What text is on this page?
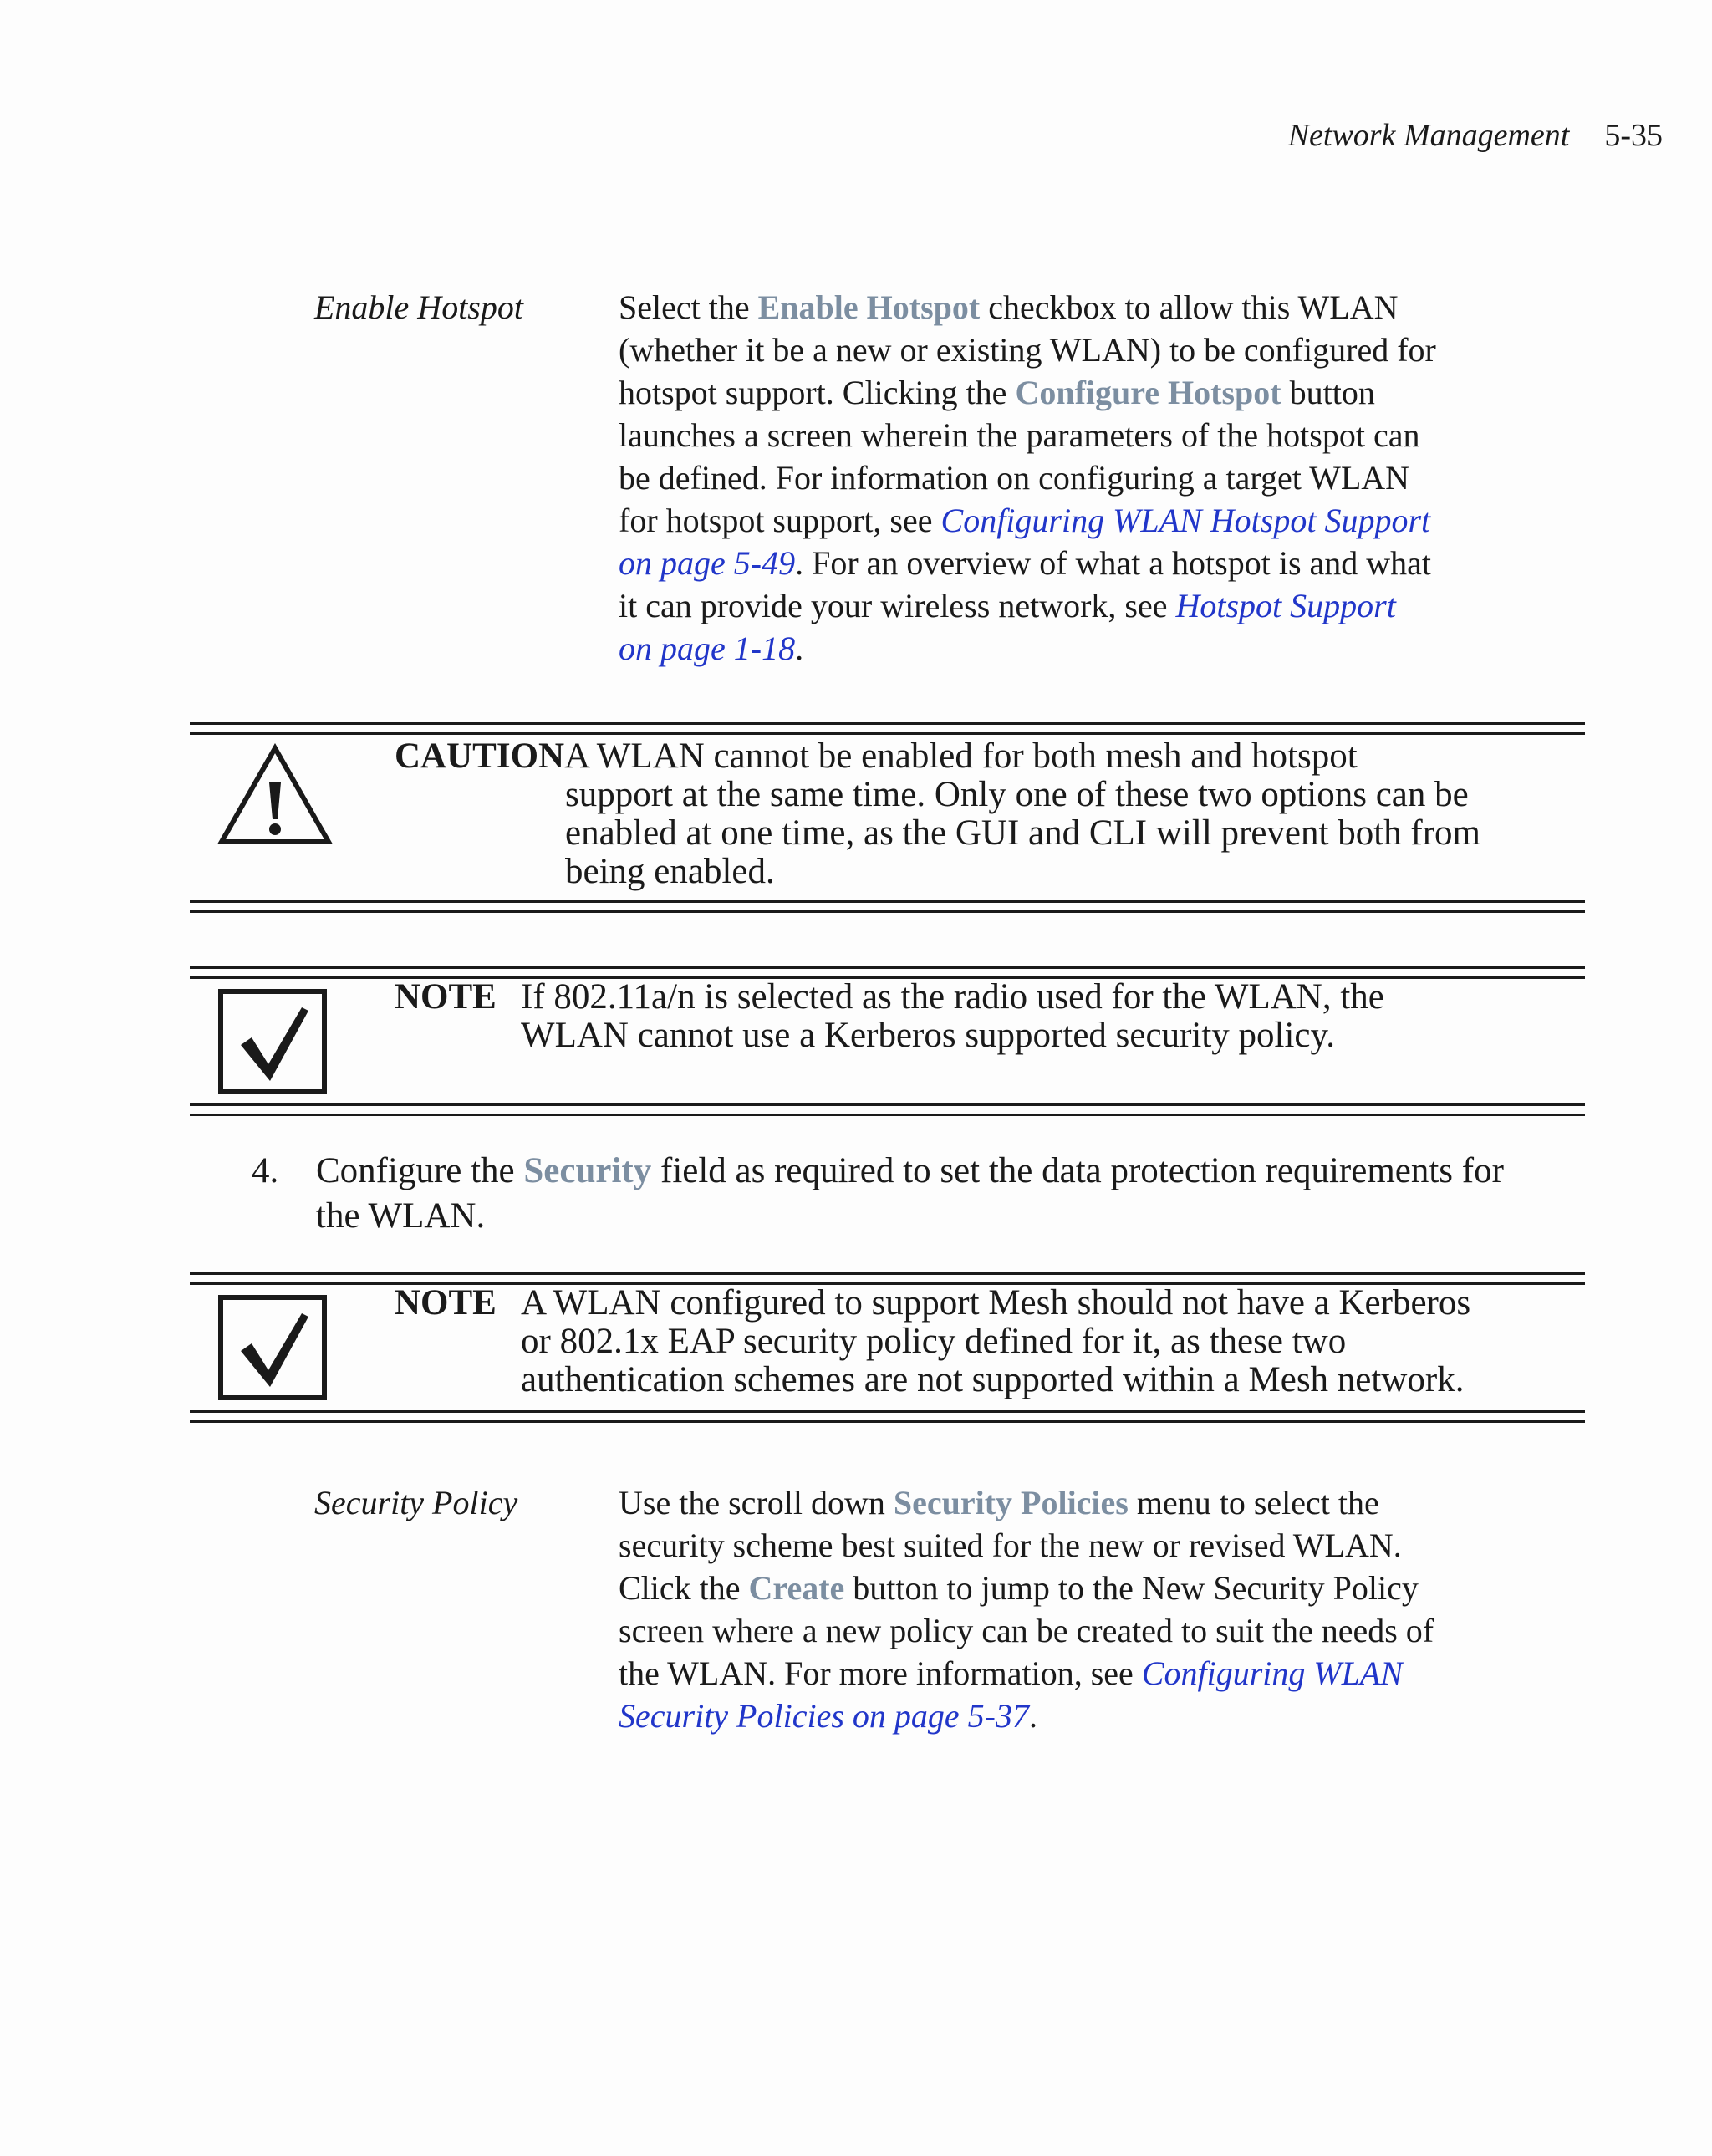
Network Management 5-35
Enable Hotspot	Select the Enable Hotspot checkbox to allow this WLAN
(whether it be a new or existing WLAN) to be configured for
hotspot support. Clicking the Configure Hotspot button
launches a screen wherein the parameters of the hotspot can
be defined. For information on configuring a target WLAN
for hotspot support, see Configuring WLAN Hotspot Support
on page 5-49. For an overview of what a hotspot is and what
it can provide your wireless network, see Hotspot Support
on page 1-18.
CAUTIONA WLAN cannot be enabled for both mesh and hotspot
support at the same time. Only one of these two options can be
enabled at one time, as the GUI and CLI will prevent both from
being enabled.
NOTE If 802.11a/n is selected as the radio used for the WLAN, the
WLAN cannot use a Kerberos supported security policy.
4. Configure the Security field as required to set the data protection requirements for
the WLAN.
NOTE A WLAN configured to support Mesh should not have a Kerberos
or 802.1x EAP security policy defined for it, as these two
authentication schemes are not supported within a Mesh network.
Security Policy	Use the scroll down Security Policies menu to select the
security scheme best suited for the new or revised WLAN.
Click the Create button to jump to the New Security Policy
screen where a new policy can be created to suit the needs of
the WLAN. For more information, see Configuring WLAN
Security Policies on page 5-37.
